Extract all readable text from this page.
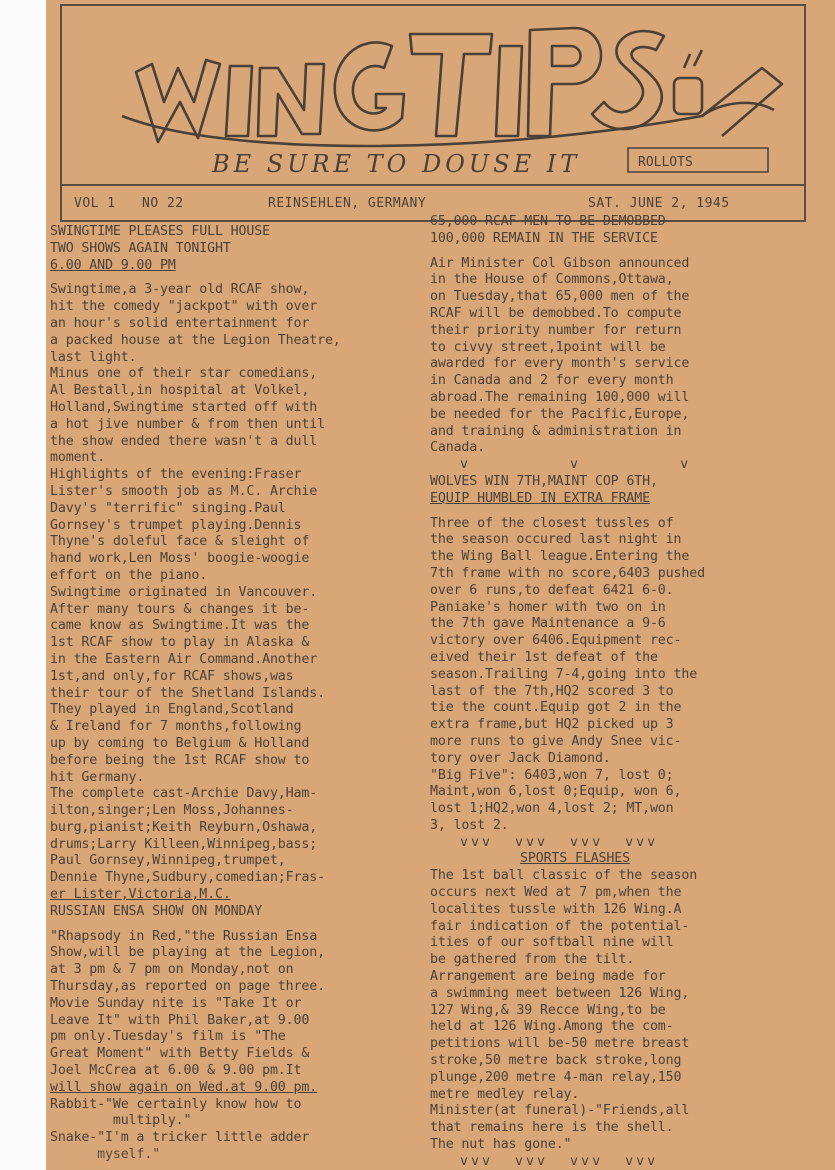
BE SURE TO DOUSE IT	ROLLOTS
VOL 1 NO 22	REINSEHLEN, GERMANY	SAT. JUNE 2, 1945
SWINGTIME PLEASES FULL HOUSE
TWO SHOWS AGAIN TONIGHT
6.00 AND 9.00 PM
Swingtime,a 3-year old RCAF show,
hit the comedy "jackpot" with over
an hour's solid entertainment for
a packed house at the Legion Theatre,
last light.
Minus one of their star comedians,
Al Bestall,in hospital at Volkel,
Holland,Swingtime started off with
a hot jive number & from then until
the show ended there wasn't a dull
moment.
Highlights of the evening:Fraser
Lister's smooth job as M.C. Archie
Davy's "terrific" singing.Paul
Gornsey's trumpet playing.Dennis
Thyne's doleful face & sleight of
hand work,Len Moss' boogie-woogie
effort on the piano.
Swingtime originated in Vancouver.
After many tours & changes it be-
came know as Swingtime.It was the
1st RCAF show to play in Alaska &
in the Eastern Air Command.Another
1st,and only,for RCAF shows,was
their tour of the Shetland Islands.
They played in England,Scotland
& Ireland for 7 months,following
up by coming to Belgium & Holland
before being the 1st RCAF show to
hit Germany.
The complete cast-Archie Davy,Ham-
ilton,singer;Len Moss,Johannes-
burg,pianist;Keith Reyburn,Oshawa,
drums;Larry Killeen,Winnipeg,bass;
Paul Gornsey,Winnipeg,trumpet,
Dennie Thyne,Sudbury,comedian;Fras-
er Lister,Victoria,M.C.
RUSSIAN ENSA SHOW ON MONDAY
"Rhapsody in Red,"the Russian Ensa
Show,will be playing at the Legion,
at 3 pm & 7 pm on Monday,not on
Thursday,as reported on page three.
Movie Sunday nite is "Take It or
Leave It" with Phil Baker,at 9.00
pm only.Tuesday's film is "The
Great Moment" with Betty Fields &
Joel McCrea at 6.00 & 9.00 pm.It
will show again on Wed.at 9.00 pm.
Rabbit-"We certainly know how to
multiply."
Snake-"I'm a tricker little adder
myself."
65,000 RCAF MEN TO BE DEMOBBED
100,000 REMAIN IN THE SERVICE
Air Minister Col Gibson announced
in the House of Commons,Ottawa,
on Tuesday,that 65,000 men of the
RCAF will be demobbed.To compute
their priority number for return
to civvy street,1point will be
awarded for every month's service
in Canada and 2 for every month
abroad.The remaining 100,000 will
be needed for the Pacific,Europe,
and training & administration in
Canada.
v         v         v
WOLVES WIN 7TH,MAINT COP 6TH,
EQUIP HUMBLED IN EXTRA FRAME
Three of the closest tussles of
the season occured last night in
the Wing Ball league.Entering the
7th frame with no score,6403 pushed
over 6 runs,to defeat 6421 6-0.
Paniake's homer with two on in
the 7th gave Maintenance a 9-6
victory over 6406.Equipment rec-
eived their 1st defeat of the
season.Trailing 7-4,going into the
last of the 7th,HQ2 scored 3 to
tie the count.Equip got 2 in the
extra frame,but HQ2 picked up 3
more runs to give Andy Snee vic-
tory over Jack Diamond.
"Big Five": 6403,won 7, lost 0;
Maint,won 6,lost 0;Equip, won 6,
lost 1;HQ2,won 4,lost 2; MT,won
3, lost 2.
vvv  vvv  vvv  vvv
SPORTS FLASHES
The 1st ball classic of the season
occurs next Wed at 7 pm,when the
localites tussle with 126 Wing.A
fair indication of the potential-
ities of our softball nine will
be gathered from the tilt.
Arrangement are being made for
a swimming meet between 126 Wing,
127 Wing,& 39 Recce Wing,to be
held at 126 Wing.Among the com-
petitions will be-50 metre breast
stroke,50 metre back stroke,long
plunge,200 metre 4-man relay,150
metre medley relay.
Minister(at funeral)-"Friends,all
that remains here is the shell.
The nut has gone."
vvv  vvv  vvv  vvv
